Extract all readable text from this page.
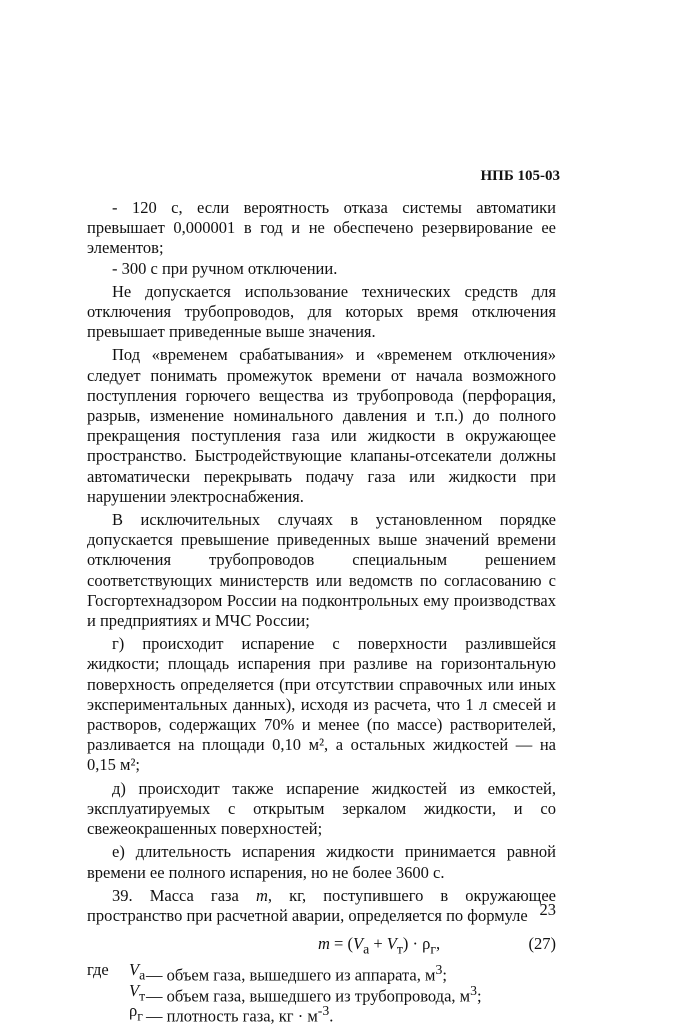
НПБ 105-03

- 120 с, если вероятность отказа системы автоматики превышает 0,000001 в год и не обеспечено резервирование ее элементов;

- 300 с при ручном отключении.

Не допускается использование технических средств для отключения трубопроводов, для которых время отключения превышает приведенные выше значения.

Под «временем срабатывания» и «временем отключения» следует понимать промежуток времени от начала возможного поступления горючего вещества из трубопровода (перфорация, разрыв, изменение номинального давления и т.п.) до полного прекращения поступления газа или жидкости в окружающее пространство. Быстродействующие клапаны-отсекатели должны автоматически перекрывать подачу газа или жидкости при нарушении электроснабжения.

В исключительных случаях в установленном порядке допускается превышение приведенных выше значений времени отключения трубопроводов специальным решением соответствующих министерств или ведомств по согласованию с Госгортехнадзором России на подконтрольных ему производствах и предприятиях и МЧС России;

г) происходит испарение с поверхности разлившейся жидкости; площадь испарения при разливе на горизонтальную поверхность определяется (при отсутствии справочных или иных экспериментальных данных), исходя из расчета, что 1 л смесей и растворов, содержащих 70% и менее (по массе) растворителей, разливается на площади 0,10 м², а остальных жидкостей — на 0,15 м²;

д) происходит также испарение жидкостей из емкостей, эксплуатируемых с открытым зеркалом жидкости, и со свежеокрашенных поверхностей;

е) длительность испарения жидкости принимается равной времени ее полного испарения, но не более 3600 с.

39. Масса газа m, кг, поступившего в окружающее пространство при расчетной аварии, определяется по формуле

$m = (V_а + V_т) \cdot \rho_г$,	(27)
где $V_а$ — объем газа, вышедшего из аппарата, $м^3$;
$V_т$ — объем газа, вышедшего из трубопровода, $м^3$;
$\rho_г$ — плотность газа, кг · $м^{-3}$.
23
